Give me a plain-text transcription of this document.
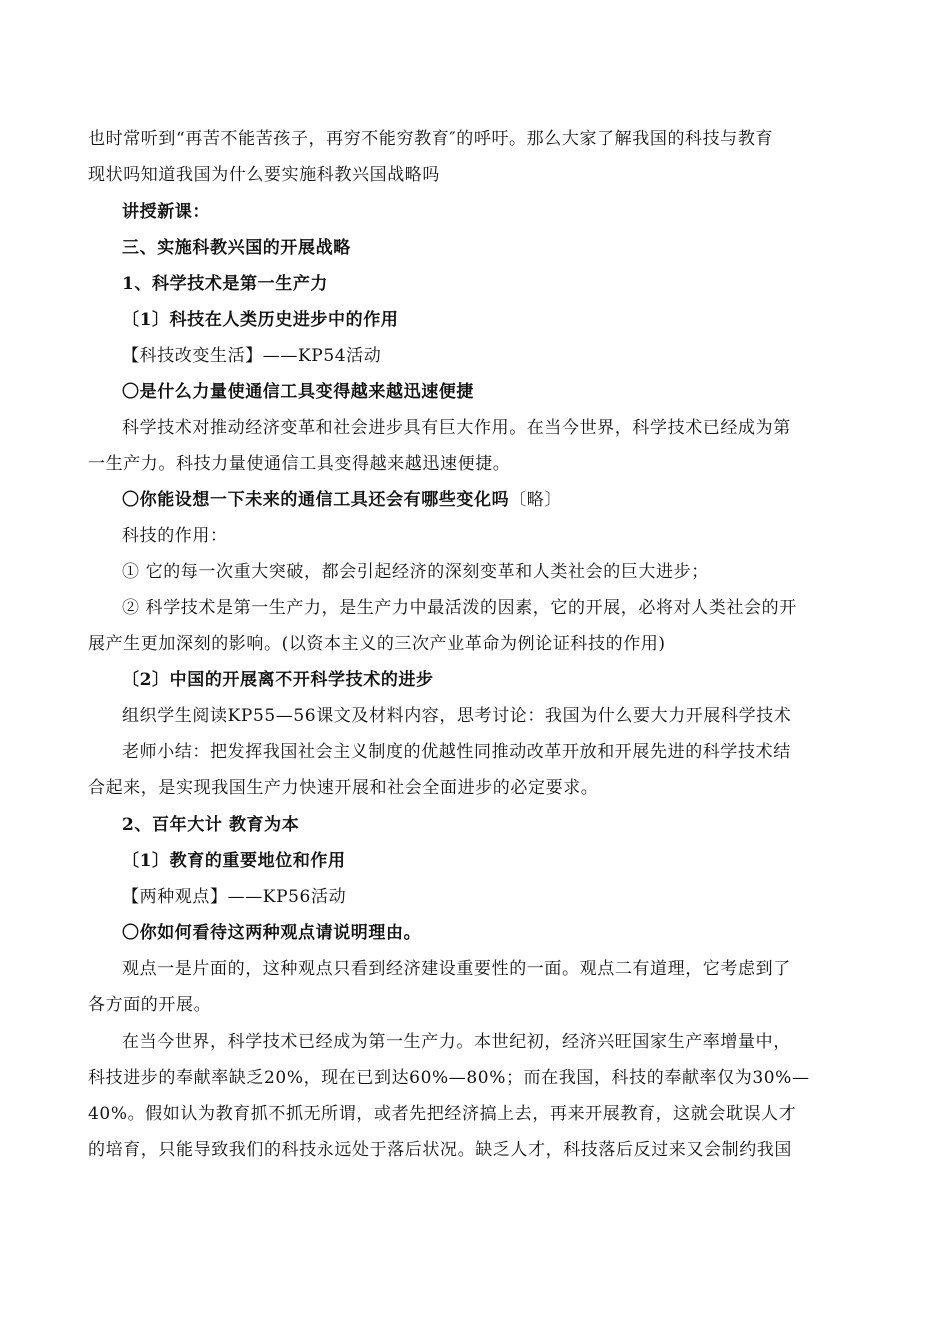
也时常听到“再苦不能苦孩子，再穷不能穷教育″的呼吁。那么大家了解我国的科技与教育
现状吗知道我国为什么要实施科教兴国战略吗
讲授新课：
三、实施科教兴国的开展战略
1、科学技术是第一生产力
〔1〕科技在人类历史进步中的作用
【科技改变生活】——KP54活动
〇是什么力量使通信工具变得越来越迅速便捷
科学技术对推动经济变革和社会进步具有巨大作用。在当今世界，科学技术已经成为第
一生产力。科技力量使通信工具变得越来越迅速便捷。
〇你能设想一下未来的通信工具还会有哪些变化吗〔略〕
科技的作用：
① 它的每一次重大突破，都会引起经济的深刻变革和人类社会的巨大进步；
② 科学技术是第一生产力，是生产力中最活泼的因素，它的开展，必将对人类社会的开
展产生更加深刻的影响。(以资本主义的三次产业革命为例论证科技的作用)
〔2〕中国的开展离不开科学技术的进步
组织学生阅读KP55—56课文及材料内容，思考讨论：我国为什么要大力开展科学技术
老师小结：把发挥我国社会主义制度的优越性同推动改革开放和开展先进的科学技术结
合起来，是实现我国生产力快速开展和社会全面进步的必定要求。
2、百年大计 教育为本
〔1〕教育的重要地位和作用
【两种观点】——KP56活动
〇你如何看待这两种观点请说明理由。
观点一是片面的，这种观点只看到经济建设重要性的一面。观点二有道理，它考虑到了
各方面的开展。
在当今世界，科学技术已经成为第一生产力。本世纪初，经济兴旺国家生产率增量中，
科技进步的奉献率缺乏20%，现在已到达60%—80%；而在我国，科技的奉献率仅为30%—
40%。假如认为教育抓不抓无所谓，或者先把经济搞上去，再来开展教育，这就会耽误人才
的培育，只能导致我们的科技永远处于落后状况。缺乏人才，科技落后反过来又会制约我国
